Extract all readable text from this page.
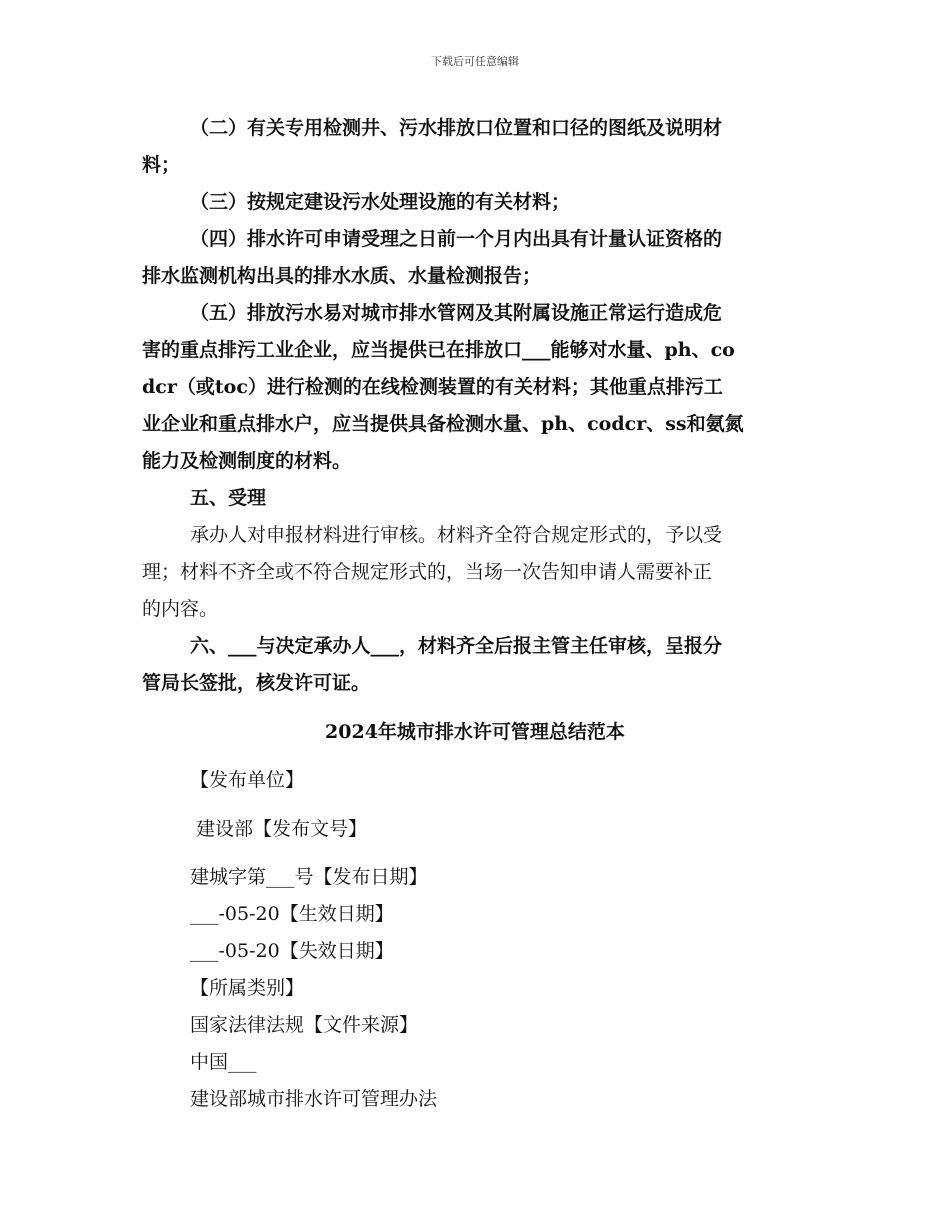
下载后可任意编辑

（二）有关专用检测井、污水排放口位置和口径的图纸及说明材

料；

（三）按规定建设污水处理设施的有关材料；

（四）排水许可申请受理之日前一个月内出具有计量认证资格的

排水监测机构出具的排水水质、水量检测报告；

（五）排放污水易对城市排水管网及其附属设施正常运行造成危

害的重点排污工业企业，应当提供已在排放口___能够对水量、ph、co

dcr（或toc）进行检测的在线检测装置的有关材料；其他重点排污工

业企业和重点排水户，应当提供具备检测水量、ph、codcr、ss和氨氮

能力及检测制度的材料。

五、受理

承办人对申报材料进行审核。材料齐全符合规定形式的，予以受

理；材料不齐全或不符合规定形式的，当场一次告知申请人需要补正

的内容。

六、___与决定承办人___，材料齐全后报主管主任审核，呈报分

管局长签批，核发许可证。

2024年城市排水许可管理总结范本

【发布单位】

建设部【发布文号】

建城字第___号【发布日期】

___-05-20【生效日期】

___-05-20【失效日期】

【所属类别】

国家法律法规【文件来源】

中国___

建设部城市排水许可管理办法
